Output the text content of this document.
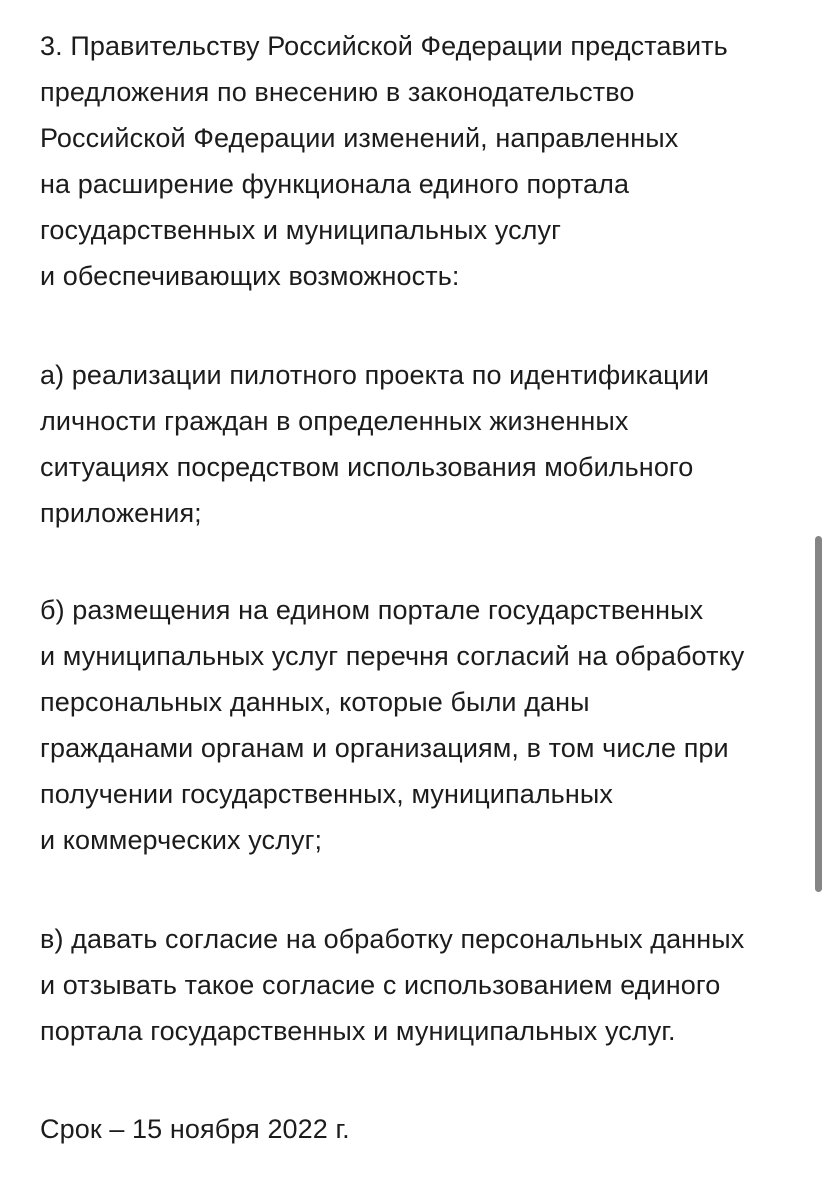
3. Правительству Российской Федерации представить
предложения по внесению в законодательство
Российской Федерации изменений, направленных
на расширение функционала единого портала
государственных и муниципальных услуг
и обеспечивающих возможность:

а) реализации пилотного проекта по идентификации
личности граждан в определенных жизненных
ситуациях посредством использования мобильного
приложения;

б) размещения на едином портале государственных
и муниципальных услуг перечня согласий на обработку
персональных данных, которые были даны
гражданами органам и организациям, в том числе при
получении государственных, муниципальных
и коммерческих услуг;

в) давать согласие на обработку персональных данных
и отзывать такое согласие с использованием единого
портала государственных и муниципальных услуг.

Срок – 15 ноября 2022 г.
